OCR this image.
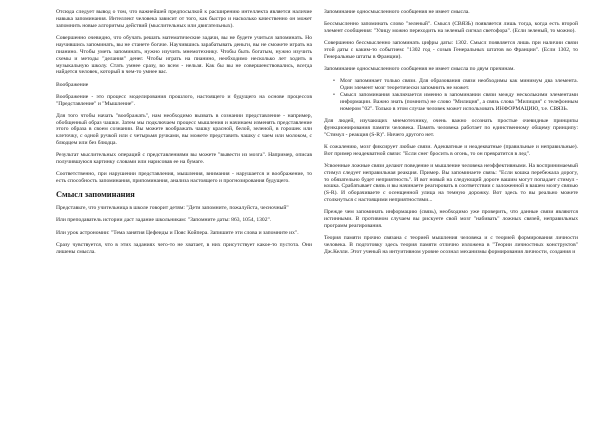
Отсюда следует вывод о том, что важнейшей предпосылкой к расширению интеллекта является наличие навыка запоминания. Интеллект человека зависит от того, как быстро и насколько качественно он может запомнить новые алгоритмы действий (мыслительных или двигательных).

Совершенно очевидно, что обучать решать математические задачи, вы не будете учиться запоминать. Но научившись запоминать, вы не станете богаче. Научившись зарабатывать деньги, вы не сможете играть на пианино. Чтобы уметь запоминать, нужно изучить мнемотехнику. Чтобы быть богатым, нужно изучить схемы и методы "делания" денег. Чтобы играть на пианино, необходимо несколько лет ходить в музыкальную школу. Стать умнее сразу, во всем - нельзя. Как бы вы не совершенствовались, всегда найдется человек, который в чем-то умнее вас.

Воображение

Воображение - это процесс моделирования прошлого, настоящего и будущего на основе процессов "Представление" и "Мышление".

Для того чтобы начать "воображать", нам необходимо вызвать в сознании представление - например, обобщенный образ чашки. Затем мы подключаем процесс мышления и начинаем изменять представление этого образа в своем сознании. Вы можете воображать чашку красной, белой, зеленой, в горошек или клеточку, с одной ручкой или с четырьмя ручками, вы можете представить чашку с чаем или молоком, с блюдцем или без блюдца.

Результат мыслительных операций с представлениями вы можете "вывести из мозга". Например, описав получившуюся картинку словами или нарисовав ее на бумаге.

Соответственно, при нарушении представления, мышления, внимания - нарушается и воображение, то есть способность запоминания, припоминания, анализа настоящего и прогнозирования будущего.

Смысл запоминания

Представьте, что учительница в школе говорит детям: "Дети запомните, пожалуйста, чесночный"

Или преподаватель истории даст задание школьникам: "Запомните даты: 863, 1054, 1302".

Или урок астрономии: "Тема занятия Цефеиды и Пояс Койпера. Запишите эти слова и запомните их".

Сразу чувствуется, что в этих заданиях чего-то не хватает, в них присутствует какое-то пустота. Они лишены смысла.

Запоминание односмысленного сообщения не имеет смысла.

Бессмысленно запоминать слово "зеленый". Смысл (СВЯЗЬ) появляется лишь тогда, когда есть второй элемент сообщения: "Улицу можно переходить на зеленый сигнал светофора". (Если зеленый, то можно).

Совершенно бессмысленно запоминать цифры даты: 1302. Смысл появляется лишь при наличии связи этой даты с каким-то событием: "1302 год - созыв Генеральных штатов во Франции". (Если 1302, то Генеральные штаты в Франции).

Запоминание односмысленного сообщения не имеет смысла по двум причинам.

• Мозг запоминает только связи. Для образования связи необходимы как минимум два элемента. Один элемент мозг теоретически запомнить не может.
• Смысл запоминания заключается именно в запоминании связи между несколькими элементами информации. Важно знать (помнить) не слово "Милиция", а связь слова "Милиция" с телефонным номером "02". Только в этом случае человек может использовать ИНФОРМАЦИЮ, т.е. СВЯЗЬ.

Для людей, изучающих мнемотехнику, очень важно осознать простые очевидные принципы функционирования памяти человека. Память человека работает по единственному общему принципу: "Стимул - реакция (S-R)". Ничего другого нет.

К сожалению, мозг фиксирует любые связи. Адекватные и неадекватные (правильные и неправильные). Вот пример неадекватной связи: "Если снег бросить в огонь, то он превратится в лед".

Усвоенные ложные связи делают поведение и мышление человека неэффективными. На воспринимаемый стимул следует неправильная реакция. Пример. Вы запоминаете связь: "Если кошка перебежала дорогу, то обязательно будет неприятность". И вот новый на следующий дороге вашим могут попадает стимул - кошка. Срабатывает связь и вы начинаете реагировать в соответствии с заложенной в вашем мозгу связью (S-R). И оборачиваете с осенщенной улица на темную дорожку. Вот здесь то вы реально можете столкнуться с настоящими неприятностями...

Прежде чем запоминать информацию (связь), необходимо уже проверить, что данные связи являются истинными. В противном случаем вы рискуете свой мозг "набивать" ложных связей, неправильных программ реагирования.

Теория памяти прочно связана с теорией мышления человека и с теорией формирования личности человека. В подготовку здесь теория памяти отлично изложена в "Теории личностных конструктов" Дж.Келли. Этот ученый на интуитивном уровне осознал механизмы формирования личности, создания и
